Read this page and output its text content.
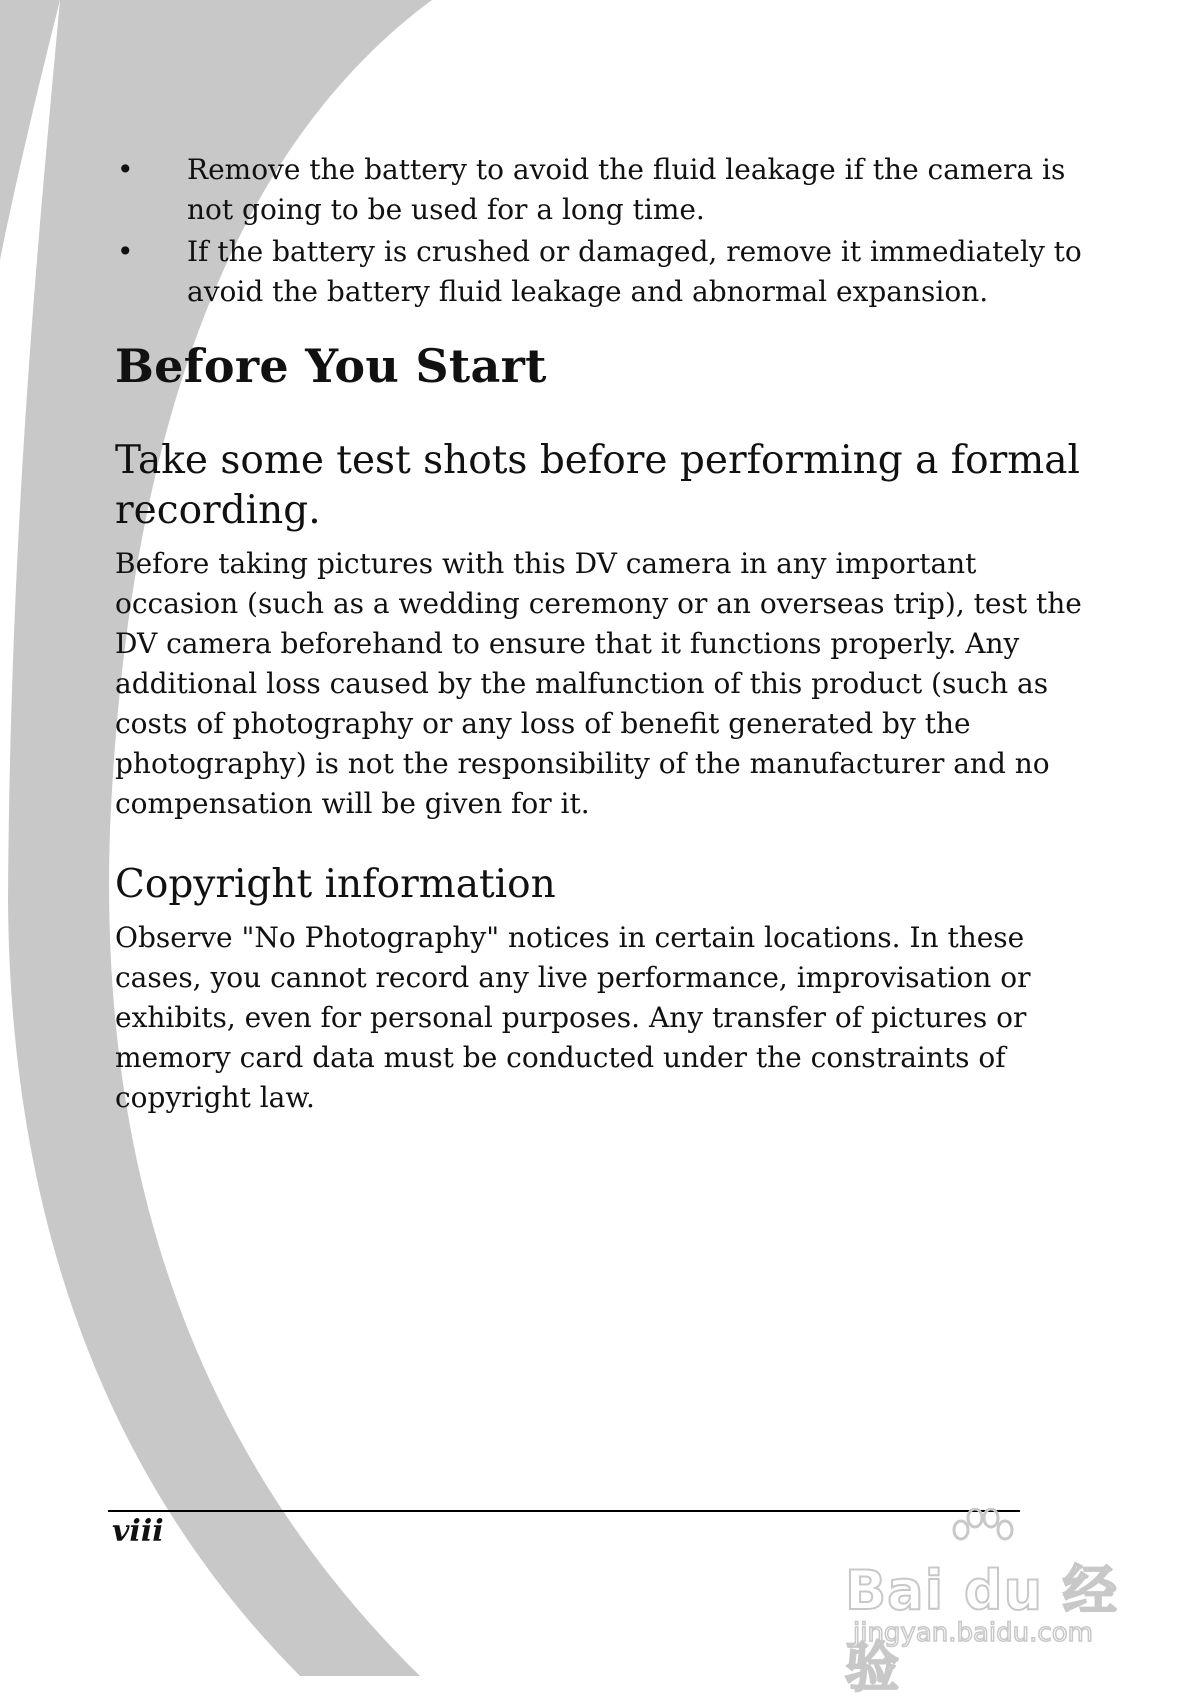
• Remove the battery to avoid the fluid leakage if the camera is not going to be used for a long time.
• If the battery is crushed or damaged, remove it immediately to avoid the battery fluid leakage and abnormal expansion.
Before You Start
Take some test shots before performing a formal recording.

Before taking pictures with this DV camera in any important occasion (such as a wedding ceremony or an overseas trip), test the DV camera beforehand to ensure that it functions properly. Any additional loss caused by the malfunction of this product (such as costs of photography or any loss of benefit generated by the photography) is not the responsibility of the manufacturer and no compensation will be given for it.

Copyright information

Observe "No Photography" notices in certain locations. In these cases, you cannot record any live performance, improvisation or exhibits, even for personal purposes. Any transfer of pictures or memory card data must be conducted under the constraints of copyright law.

viii
Bai du 经验
jingyan.baidu.com
